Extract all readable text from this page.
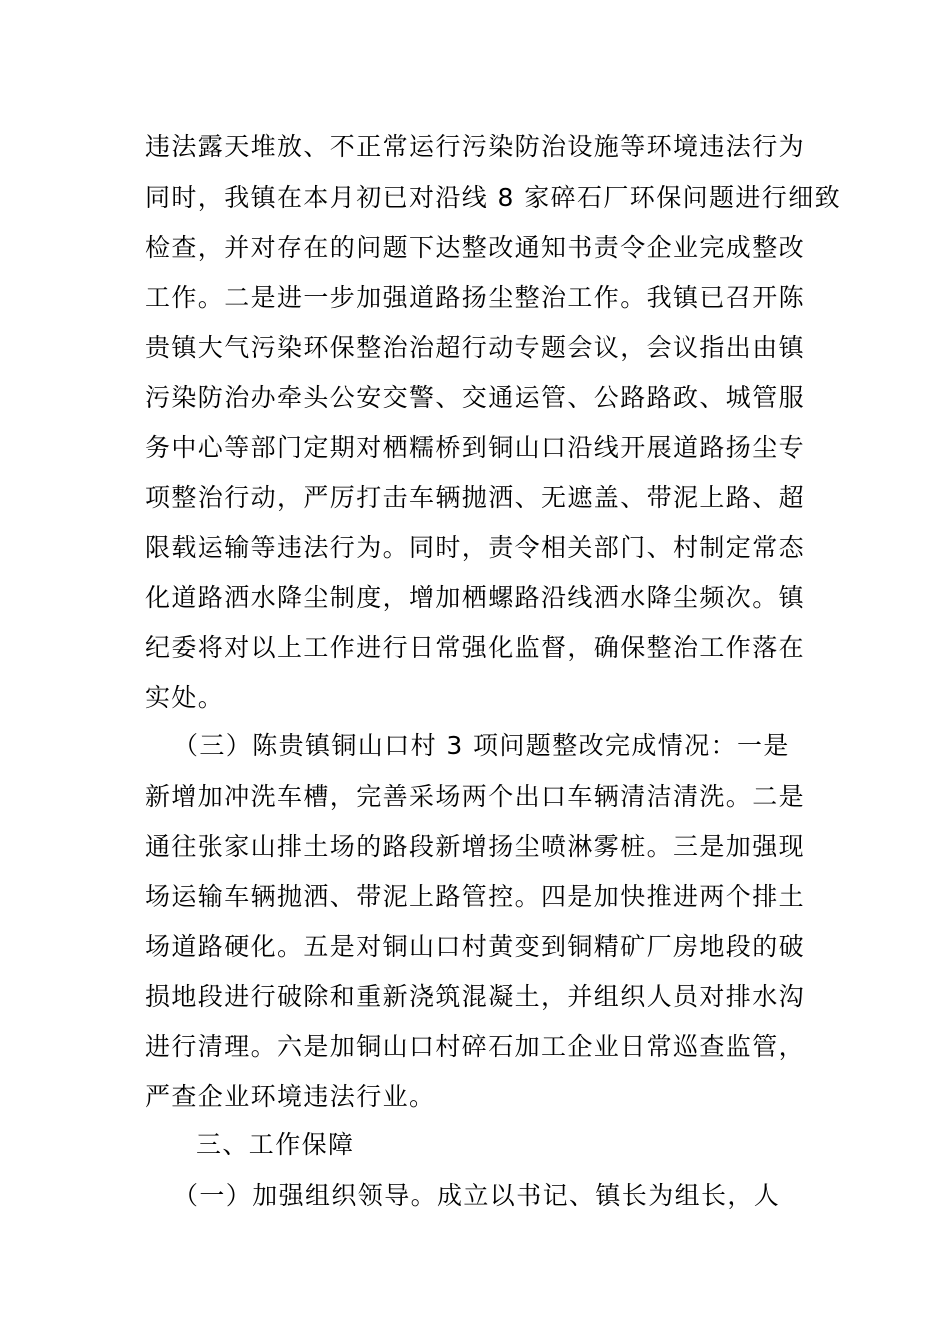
违法露天堆放、不正常运行污染防治设施等环境违法行为
同时，我镇在本月初已对沿线 8 家碎石厂环保问题进行细致
检查，并对存在的问题下达整改通知书责令企业完成整改
工作。二是进一步加强道路扬尘整治工作。我镇已召开陈
贵镇大气污染环保整治治超行动专题会议，会议指出由镇
污染防治办牵头公安交警、交通运管、公路路政、城管服
务中心等部门定期对栖糯桥到铜山口沿线开展道路扬尘专
项整治行动，严厉打击车辆抛洒、无遮盖、带泥上路、超
限载运输等违法行为。同时，责令相关部门、村制定常态
化道路洒水降尘制度，增加栖螺路沿线洒水降尘频次。镇
纪委将对以上工作进行日常强化监督，确保整治工作落在
实处。
（三）陈贵镇铜山口村 3 项问题整改完成情况：一是
新增加冲洗车槽，完善采场两个出口车辆清洁清洗。二是
通往张家山排土场的路段新增扬尘喷淋雾桩。三是加强现
场运输车辆抛洒、带泥上路管控。四是加快推进两个排土
场道路硬化。五是对铜山口村黄变到铜精矿厂房地段的破
损地段进行破除和重新浇筑混凝土，并组织人员对排水沟
进行清理。六是加铜山口村碎石加工企业日常巡查监管，
严查企业环境违法行业。
三、工作保障
（一）加强组织领导。成立以书记、镇长为组长，人
